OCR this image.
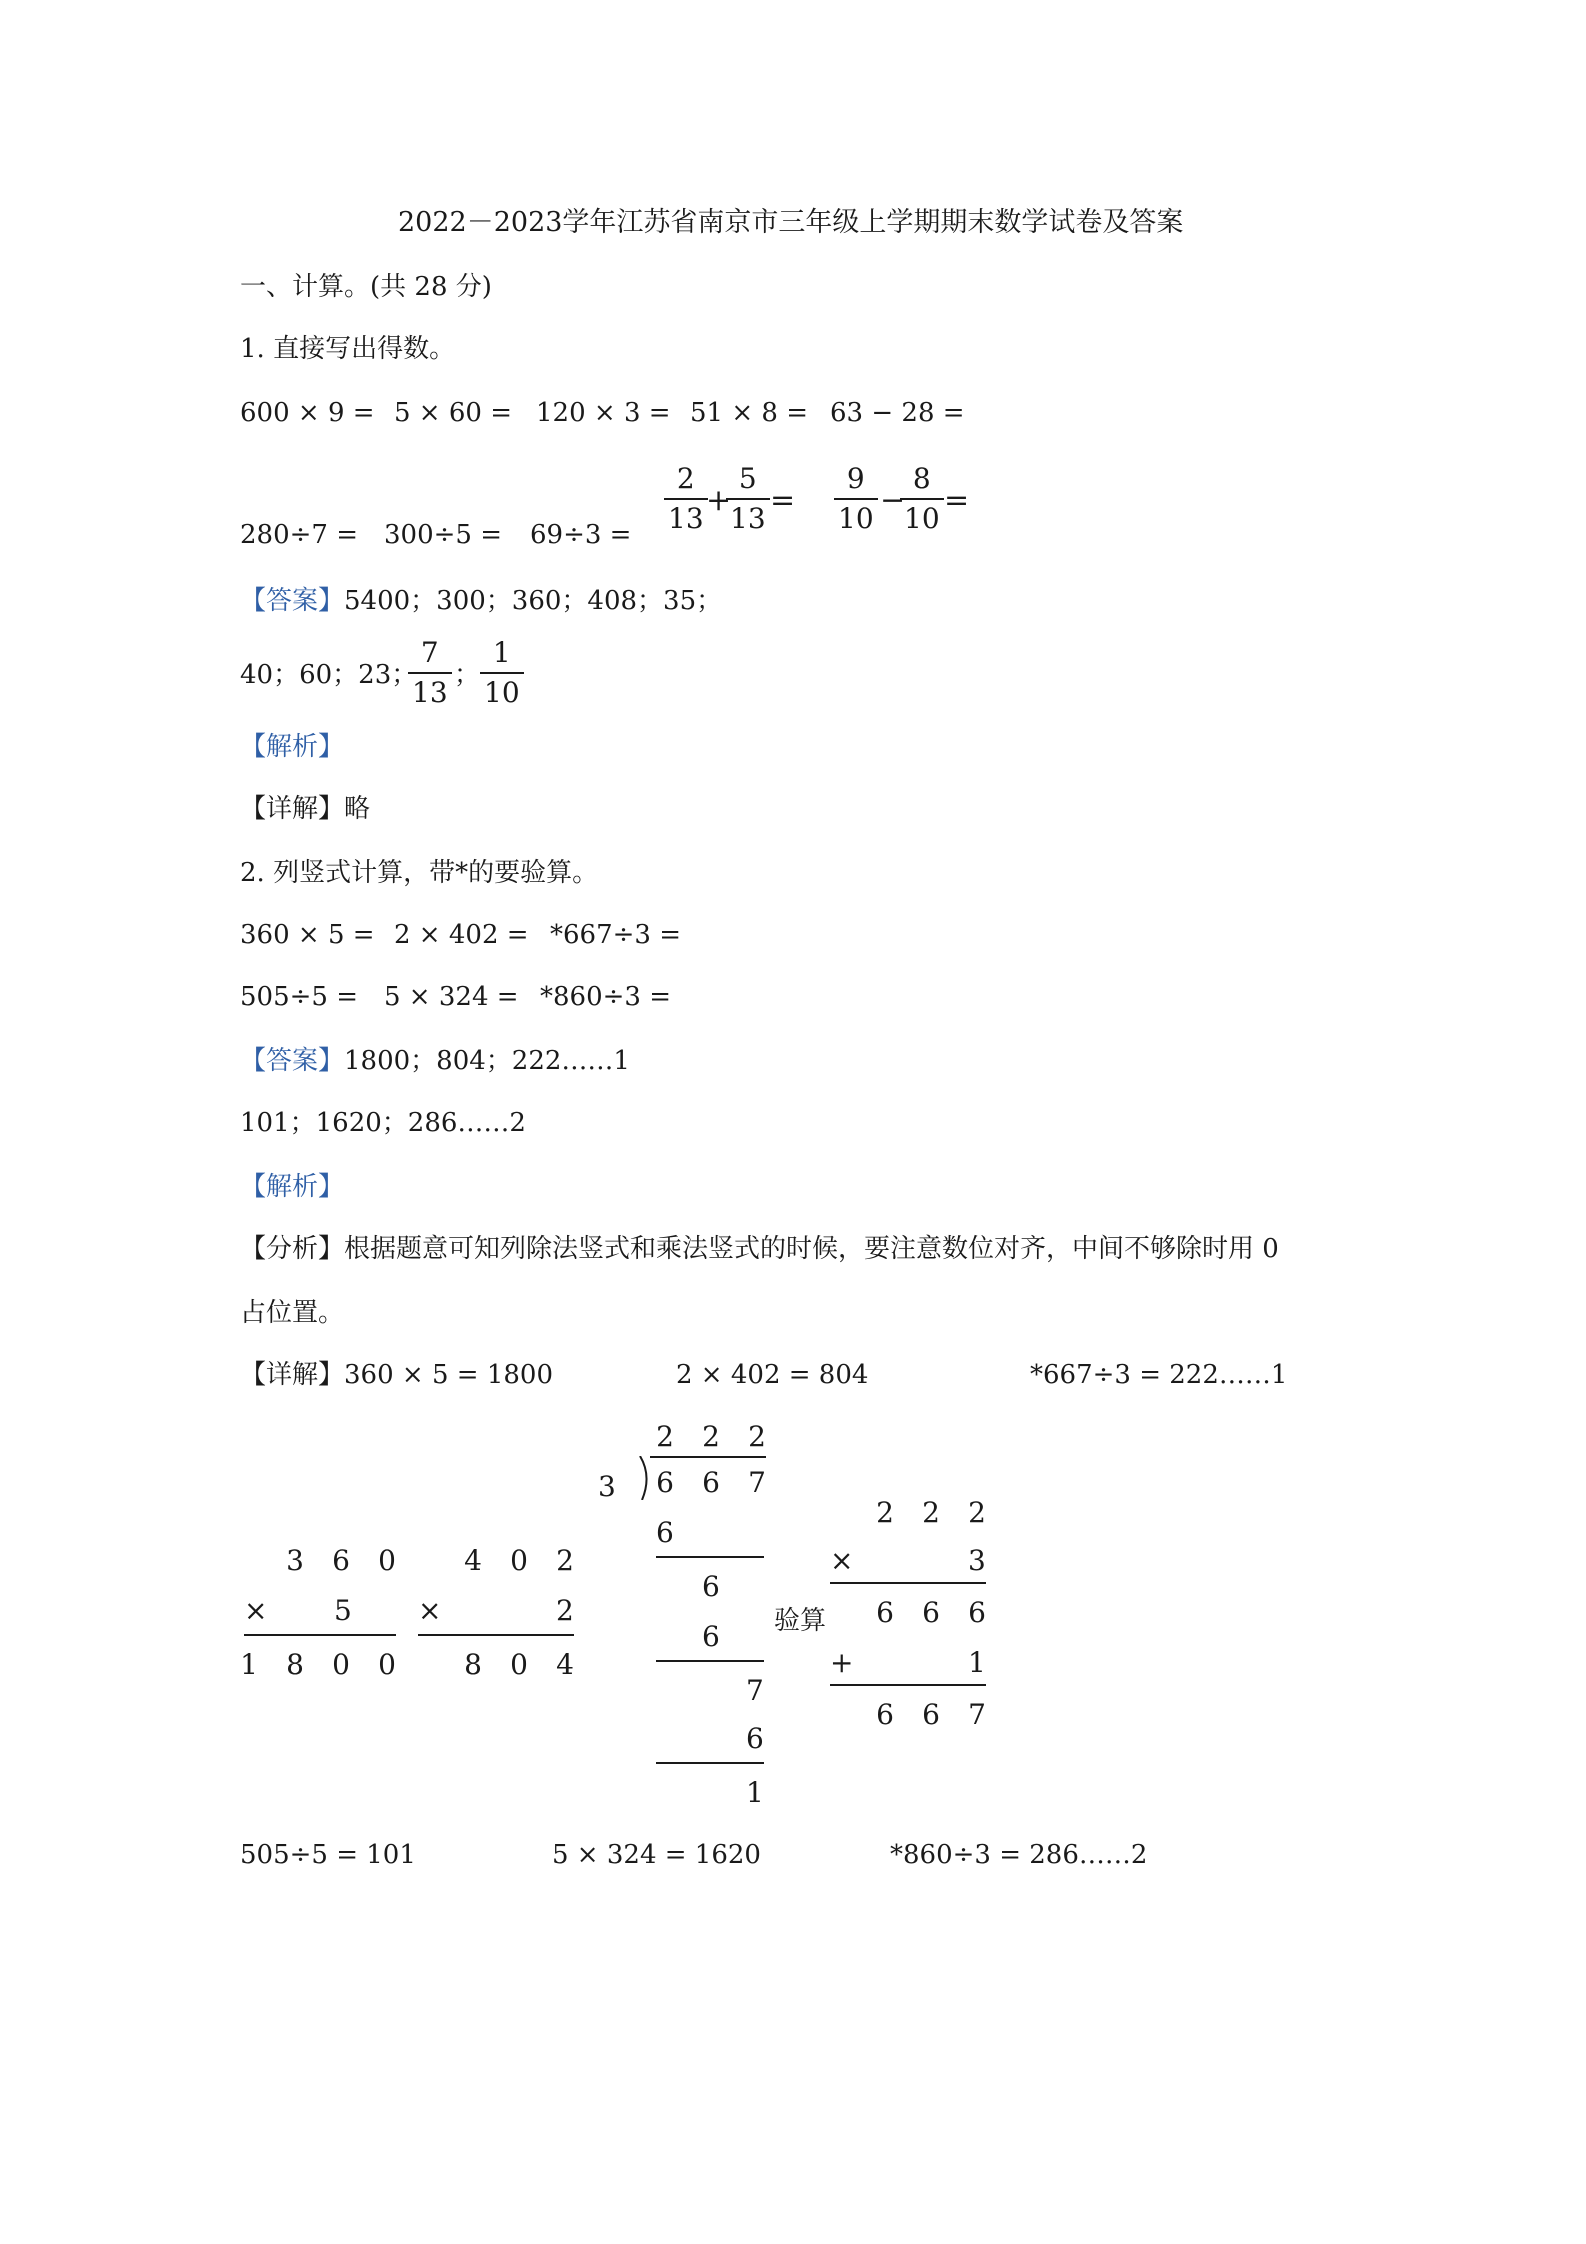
2022－2023学年江苏省南京市三年级上学期期末数学试卷及答案
一、计算。(共 28 分)
1. 直接写出得数。
600 × 9 = 5 × 60 = 120 × 3 = 51 × 8 = 63 − 28 =
280÷7 = 300÷5 = 69÷3 =
2
13
+
5
13
=
9
10
−
8
10
=
【答案】5400；300；360；408；35；
40；60；23；
7
13
；
1
10
【解析】
【详解】略
2. 列竖式计算，带*的要验算。
360 × 5 = 2 × 402 = *667÷3 =
505÷5 = 5 × 324 = *860÷3 =
【答案】1800；804；222……1
101；1620；286……2
【解析】
【分析】根据题意可知列除法竖式和乘法竖式的时候，要注意数位对齐，中间不够除时用 0
占位置。
【详解】360 × 5 = 1800	2 × 402 = 804	*667÷3 = 222……1
3 6 0
× 5
1 8 0 0
4 0 2
×	2
8 0 4
2 2 2
3	6 6 7
6
6
6
7
6
1
验算
2 2 2
×	3
6 6 6
+	1
6 6 7
505÷5 = 101	5 × 324 = 1620	*860÷3 = 286……2
